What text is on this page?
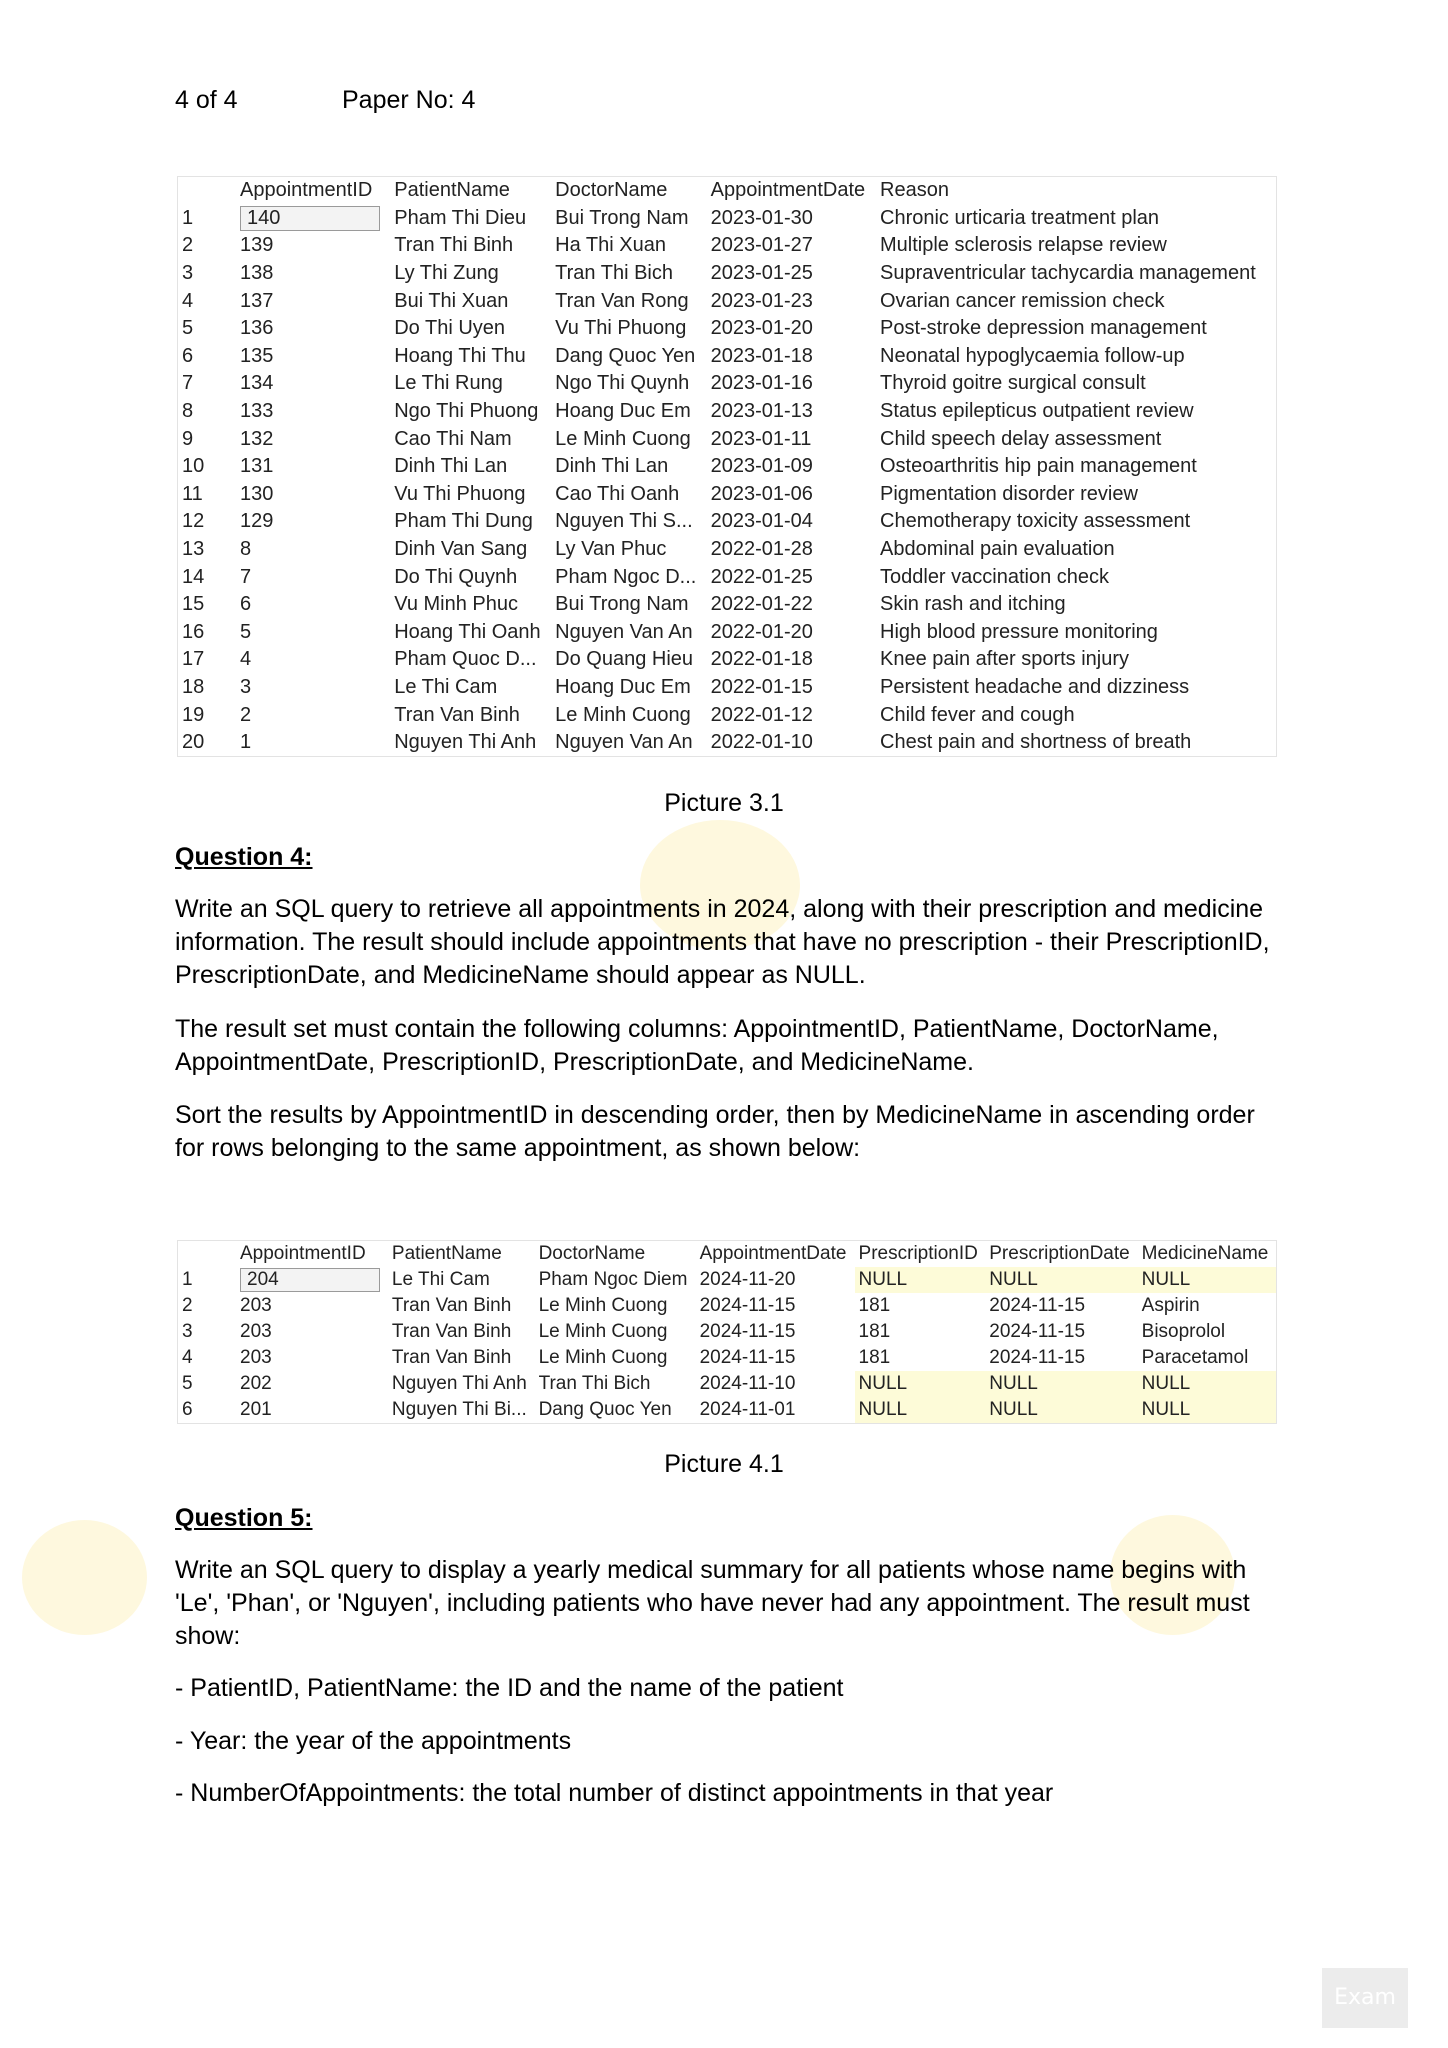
4 of 4	Paper No: 4
	AppointmentID	PatientName	DoctorName	AppointmentDate	Reason
1	140	Pham Thi Dieu	Bui Trong Nam	2023-01-30	Chronic urticaria treatment plan
2	139	Tran Thi Binh	Ha Thi Xuan	2023-01-27	Multiple sclerosis relapse review
3	138	Ly Thi Zung	Tran Thi Bich	2023-01-25	Supraventricular tachycardia management
4	137	Bui Thi Xuan	Tran Van Rong	2023-01-23	Ovarian cancer remission check
5	136	Do Thi Uyen	Vu Thi Phuong	2023-01-20	Post-stroke depression management
6	135	Hoang Thi Thu	Dang Quoc Yen	2023-01-18	Neonatal hypoglycaemia follow-up
7	134	Le Thi Rung	Ngo Thi Quynh	2023-01-16	Thyroid goitre surgical consult
8	133	Ngo Thi Phuong	Hoang Duc Em	2023-01-13	Status epilepticus outpatient review
9	132	Cao Thi Nam	Le Minh Cuong	2023-01-11	Child speech delay assessment
10	131	Dinh Thi Lan	Dinh Thi Lan	2023-01-09	Osteoarthritis hip pain management
11	130	Vu Thi Phuong	Cao Thi Oanh	2023-01-06	Pigmentation disorder review
12	129	Pham Thi Dung	Nguyen Thi S...	2023-01-04	Chemotherapy toxicity assessment
13	8	Dinh Van Sang	Ly Van Phuc	2022-01-28	Abdominal pain evaluation
14	7	Do Thi Quynh	Pham Ngoc D...	2022-01-25	Toddler vaccination check
15	6	Vu Minh Phuc	Bui Trong Nam	2022-01-22	Skin rash and itching
16	5	Hoang Thi Oanh	Nguyen Van An	2022-01-20	High blood pressure monitoring
17	4	Pham Quoc D...	Do Quang Hieu	2022-01-18	Knee pain after sports injury
18	3	Le Thi Cam	Hoang Duc Em	2022-01-15	Persistent headache and dizziness
19	2	Tran Van Binh	Le Minh Cuong	2022-01-12	Child fever and cough
20	1	Nguyen Thi Anh	Nguyen Van An	2022-01-10	Chest pain and shortness of breath
Picture 3.1
Question 4:

Write an SQL query to retrieve all appointments in 2024, along with their prescription and medicine information. The result should include appointments that have no prescription - their PrescriptionID, PrescriptionDate, and MedicineName should appear as NULL.

The result set must contain the following columns: AppointmentID, PatientName, DoctorName, AppointmentDate, PrescriptionID, PrescriptionDate, and MedicineName.

Sort the results by AppointmentID in descending order, then by MedicineName in ascending order for rows belonging to the same appointment, as shown below:

	AppointmentID	PatientName	DoctorName	AppointmentDate	PrescriptionID	PrescriptionDate	MedicineName
1	204	Le Thi Cam	Pham Ngoc Diem	2024-11-20	NULL	NULL	NULL
2	203	Tran Van Binh	Le Minh Cuong	2024-11-15	181	2024-11-15	Aspirin
3	203	Tran Van Binh	Le Minh Cuong	2024-11-15	181	2024-11-15	Bisoprolol
4	203	Tran Van Binh	Le Minh Cuong	2024-11-15	181	2024-11-15	Paracetamol
5	202	Nguyen Thi Anh	Tran Thi Bich	2024-11-10	NULL	NULL	NULL
6	201	Nguyen Thi Bi...	Dang Quoc Yen	2024-11-01	NULL	NULL	NULL
Picture 4.1
Question 5:

Write an SQL query to display a yearly medical summary for all patients whose name begins with 'Le', 'Phan', or 'Nguyen', including patients who have never had any appointment. The result must show:

- PatientID, PatientName: the ID and the name of the patient

- Year: the year of the appointments

- NumberOfAppointments: the total number of distinct appointments in that year

Exam
